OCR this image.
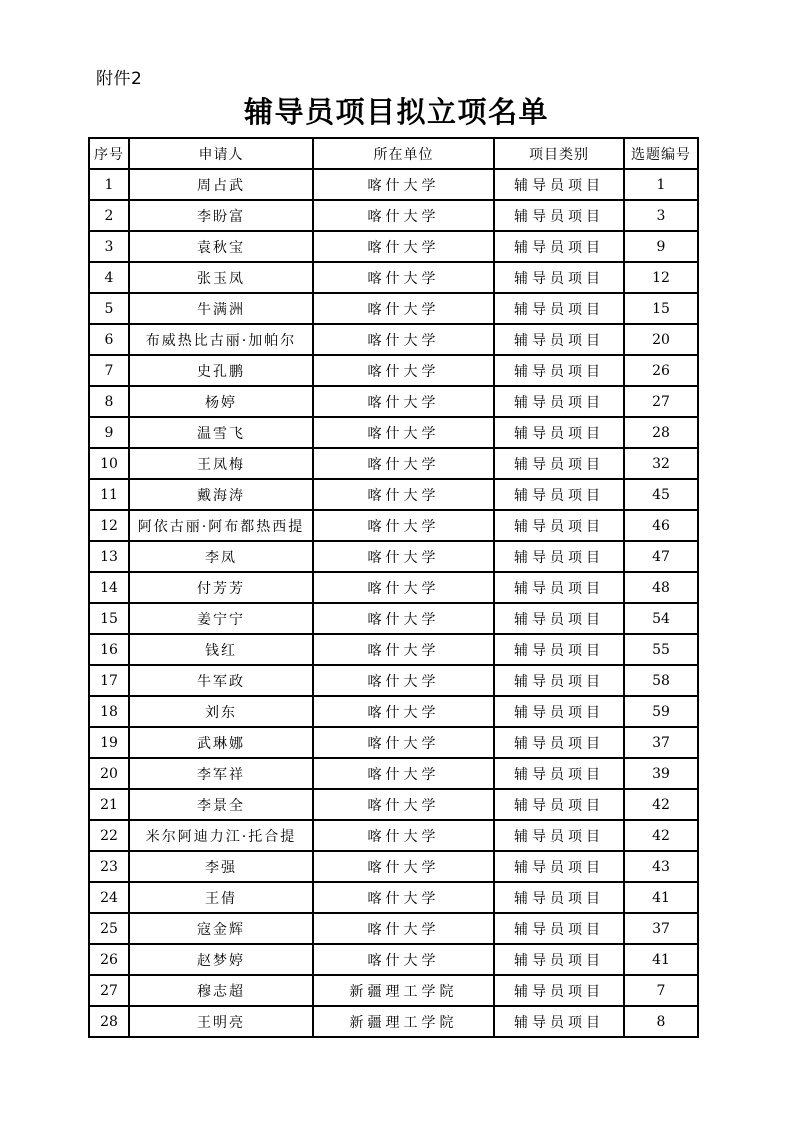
附件2
辅导员项目拟立项名单
序号	申请人	所在单位	项目类别	选题编号
1	周占武	喀什大学	辅导员项目	1
2	李盼富	喀什大学	辅导员项目	3
3	袁秋宝	喀什大学	辅导员项目	9
4	张玉凤	喀什大学	辅导员项目	12
5	牛满洲	喀什大学	辅导员项目	15
6	布威热比古丽·加帕尔	喀什大学	辅导员项目	20
7	史孔鹏	喀什大学	辅导员项目	26
8	杨婷	喀什大学	辅导员项目	27
9	温雪飞	喀什大学	辅导员项目	28
10	王凤梅	喀什大学	辅导员项目	32
11	戴海涛	喀什大学	辅导员项目	45
12	阿依古丽·阿布都热西提	喀什大学	辅导员项目	46
13	李凤	喀什大学	辅导员项目	47
14	付芳芳	喀什大学	辅导员项目	48
15	姜宁宁	喀什大学	辅导员项目	54
16	钱红	喀什大学	辅导员项目	55
17	牛军政	喀什大学	辅导员项目	58
18	刘东	喀什大学	辅导员项目	59
19	武琳娜	喀什大学	辅导员项目	37
20	李军祥	喀什大学	辅导员项目	39
21	李景全	喀什大学	辅导员项目	42
22	米尔阿迪力江·托合提	喀什大学	辅导员项目	42
23	李强	喀什大学	辅导员项目	43
24	王倩	喀什大学	辅导员项目	41
25	寇金辉	喀什大学	辅导员项目	37
26	赵梦婷	喀什大学	辅导员项目	41
27	穆志超	新疆理工学院	辅导员项目	7
28	王明亮	新疆理工学院	辅导员项目	8
